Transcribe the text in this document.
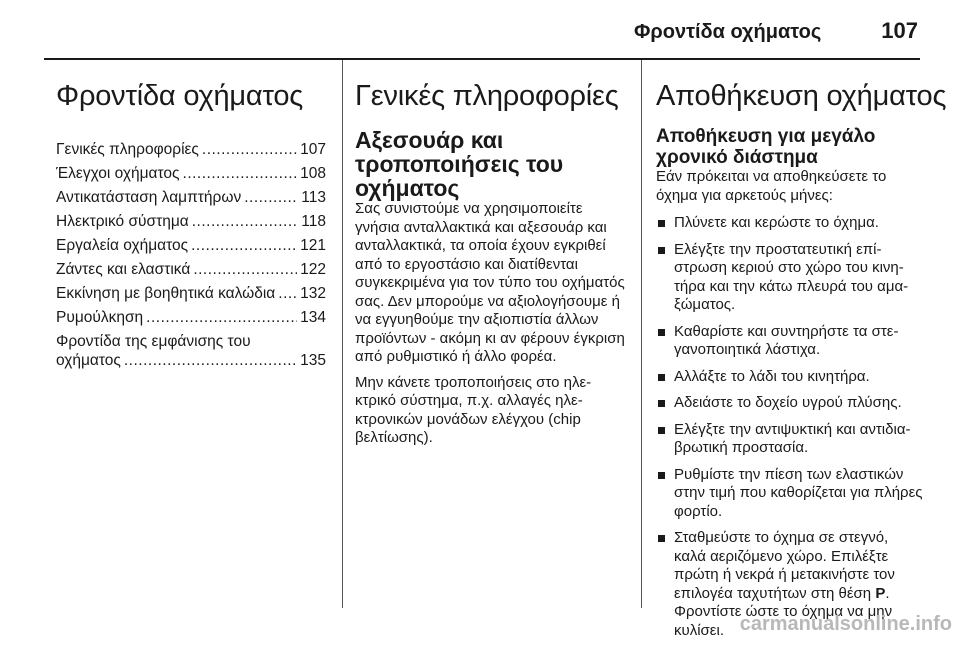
Φροντίδα οχήματος	107
Φροντίδα οχήματος
Γενικές πληροφορίες .....	107
Έλεγχοι οχήματος .....	108
Αντικατάσταση λαμπτήρων .....	113
Ηλεκτρικό σύστημα .....	118
Εργαλεία οχήματος .....	121
Ζάντες και ελαστικά .....	122
Εκκίνηση με βοηθητικά καλώδια ..... 132
Ρυμούλκηση .....	134
Φροντίδα της εμφάνισης του
οχήματος .....	135
Γενικές πληροφορίες
Αξεσουάρ και τροποποιήσεις του οχήματος

Σας συνιστούμε να χρησιμοποιείτε γνήσια ανταλλακτικά και αξεσουάρ και ανταλλακτικά, τα οποία έχουν εγκριθεί από το εργοστάσιο και διατίθενται συγκεκριμένα για τον τύπο του οχήματός σας. Δεν μπορούμε να αξιολογήσουμε ή να εγγυηθούμε την αξιοπιστία άλλων προϊόντων - ακόμη κι αν φέρουν έγκριση από ρυθμιστικό ή άλλο φορέα.

Μην κάνετε τροποποιήσεις στο ηλεκτρικό σύστημα, π.χ. αλλαγές ηλεκτρονικών μονάδων ελέγχου (chip βελτίωσης).

Αποθήκευση οχήματος
Αποθήκευση για μεγάλο χρονικό διάστημα

Εάν πρόκειται να αποθηκεύσετε το όχημα για αρκετούς μήνες:

Πλύνετε και κερώστε το όχημα.
Ελέγξτε την προστατευτική επίστρωση κεριού στο χώρο του κινητήρα και την κάτω πλευρά του αμαξώματος.
Καθαρίστε και συντηρήστε τα στεγανοποιητικά λάστιχα.
Αλλάξτε το λάδι του κινητήρα.
Αδειάστε το δοχείο υγρού πλύσης.
Ελέγξτε την αντιψυκτική και αντιδιαβρωτική προστασία.
Ρυθμίστε την πίεση των ελαστικών στην τιμή που καθορίζεται για πλήρες φορτίο.
Σταθμεύστε το όχημα σε στεγνό, καλά αεριζόμενο χώρο. Επιλέξτε πρώτη ή νεκρά ή μετακινήστε τον επιλογέα ταχυτήτων στη θέση P. Φροντίστε ώστε το όχημα να μην κυλίσει. carmanualsonline.info
